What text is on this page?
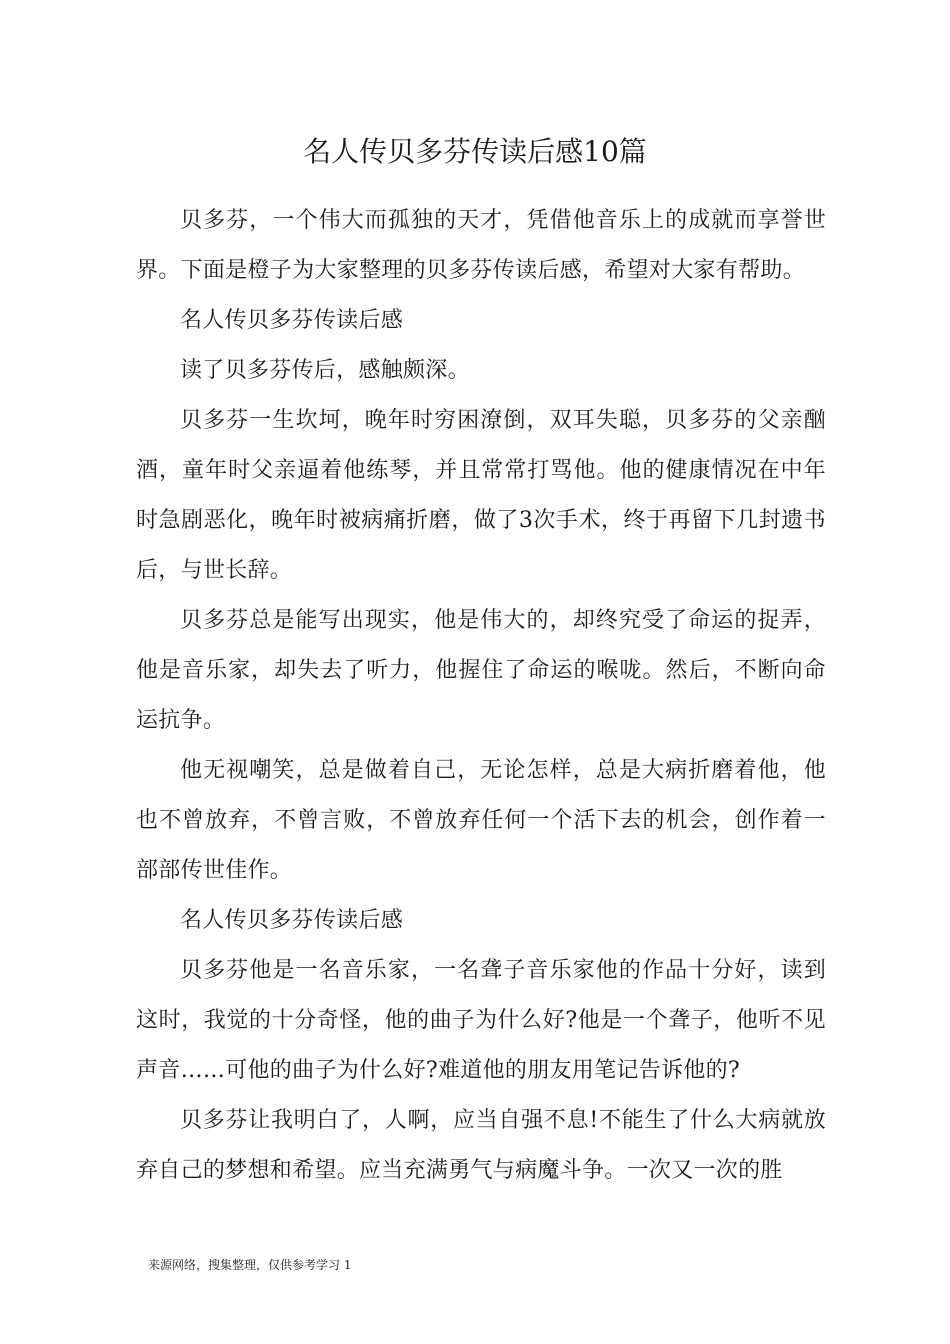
名人传贝多芬传读后感10篇

贝多芬，一个伟大而孤独的天才，凭借他音乐上的成就而享誉世界。下面是橙子为大家整理的贝多芬传读后感，希望对大家有帮助。

名人传贝多芬传读后感

读了贝多芬传后，感触颇深。

贝多芬一生坎坷，晚年时穷困潦倒，双耳失聪，贝多芬的父亲酗酒，童年时父亲逼着他练琴，并且常常打骂他。他的健康情况在中年时急剧恶化，晚年时被病痛折磨，做了3次手术，终于再留下几封遗书后，与世长辞。

贝多芬总是能写出现实，他是伟大的，却终究受了命运的捉弄，他是音乐家，却失去了听力，他握住了命运的喉咙。然后，不断向命运抗争。

他无视嘲笑，总是做着自己，无论怎样，总是大病折磨着他，他也不曾放弃，不曾言败，不曾放弃任何一个活下去的机会，创作着一部部传世佳作。

名人传贝多芬传读后感

贝多芬他是一名音乐家，一名聋子音乐家他的作品十分好，读到这时，我觉的十分奇怪，他的曲子为什么好?他是一个聋子，他听不见声音……可他的曲子为什么好?难道他的朋友用笔记告诉他的?

贝多芬让我明白了，人啊，应当自强不息!不能生了什么大病就放弃自己的梦想和希望。应当充满勇气与病魔斗争。一次又一次的胜

来源网络，搜集整理，仅供参考学习 1
